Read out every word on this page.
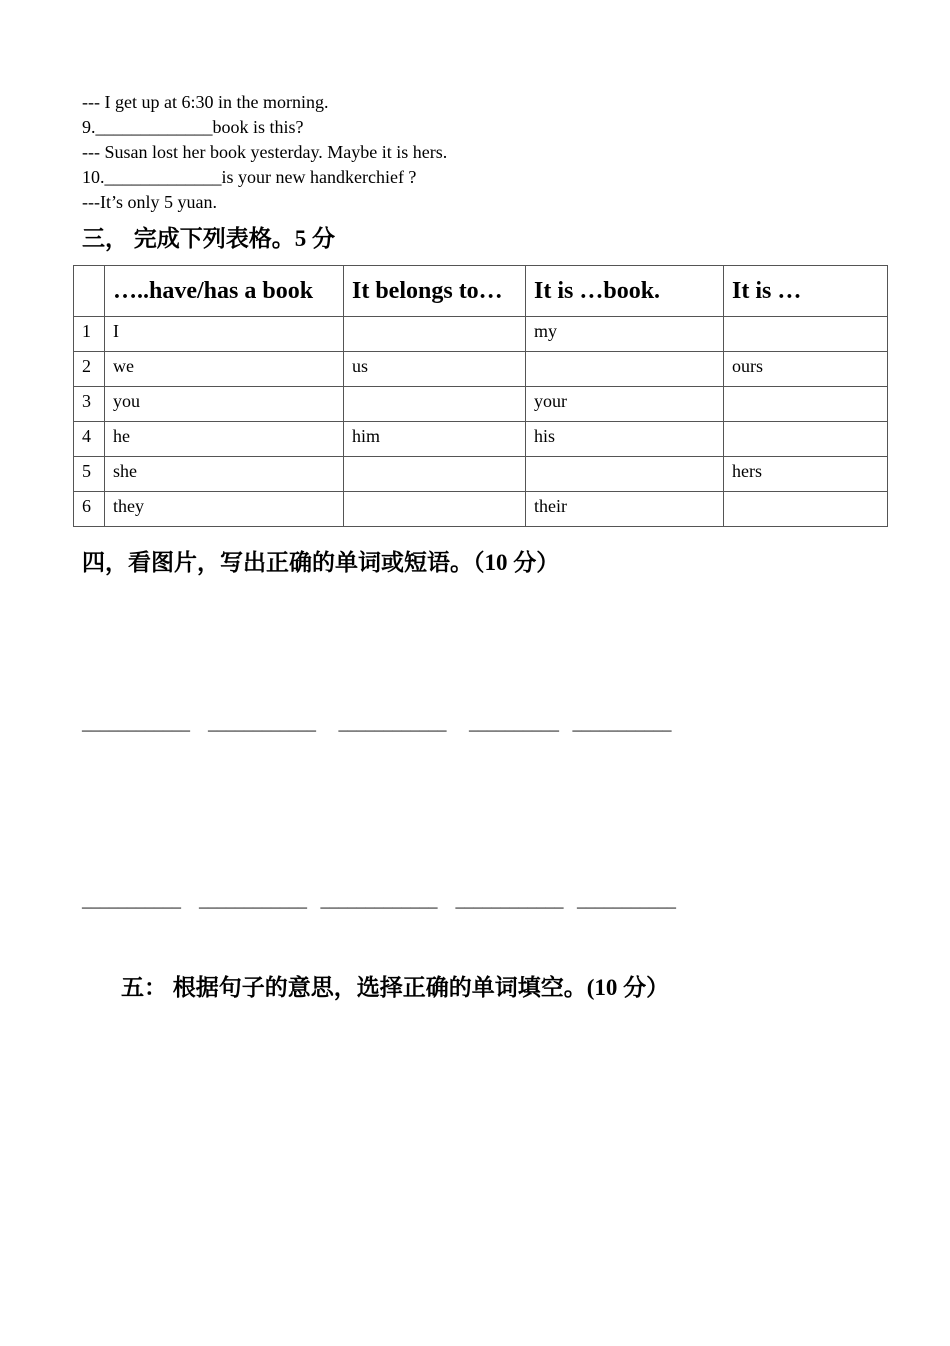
--- I get up at 6:30 in the morning.
9._____________book is this?
--- Susan lost her book yesterday. Maybe it is hers.
10._____________is your new handkerchief ?
---It’s only 5 yuan.
三， 完成下列表格。5 分
	…..have/has a book	It belongs to…	It is …book.	It is …
1	I		my	
2	we	us		ours
3	you		your	
4	he	him	his	
5	she			hers
6	they		their	
四，看图片，写出正确的单词或短语。（10 分）
____________    ____________     ____________     __________   ___________
___________    ____________   _____________    ____________   ___________
五： 根据句子的意思，选择正确的单词填空。(10 分）
